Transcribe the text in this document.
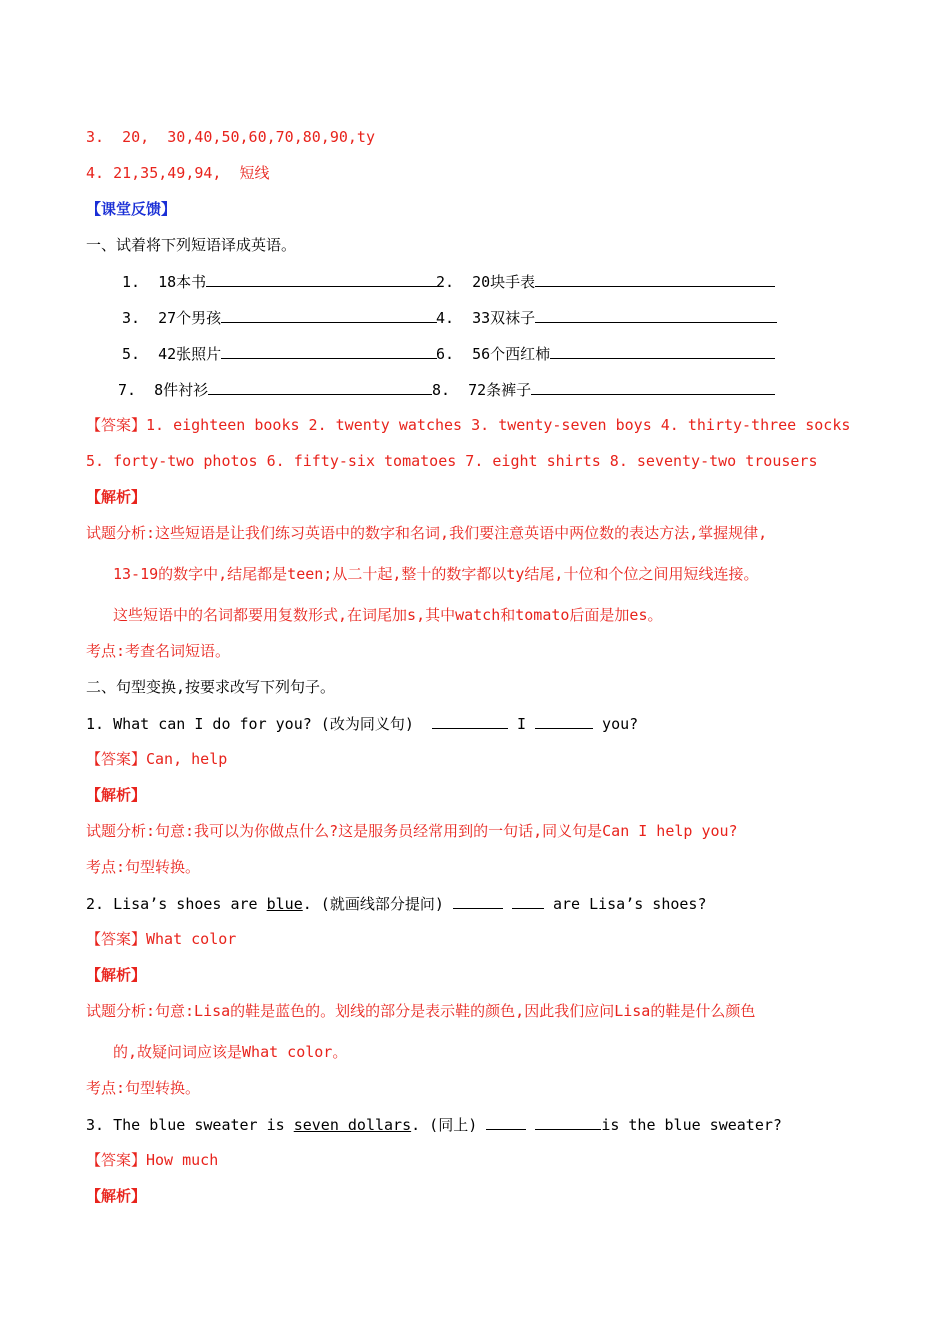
3.  20,  30,40,50,60,70,80,90,ty
4. 21,35,49,94,  短线
【课堂反馈】
一、试着将下列短语译成英语。
1.  18本书	2.  20块手表
3.  27个男孩	4.  33双袜子
5.  42张照片	6.  56个西红柿
7.  8件衬衫	8.  72条裤子
【答案】1. eighteen books 2. twenty watches 3. twenty-seven boys 4. thirty-three socks
5. forty-two photos 6. fifty-six tomatoes 7. eight shirts 8. seventy-two trousers
【解析】
试题分析:这些短语是让我们练习英语中的数字和名词,我们要注意英语中两位数的表达方法,掌握规律,
13-19的数字中,结尾都是teen;从二十起,整十的数字都以ty结尾,十位和个位之间用短线连接。
这些短语中的名词都要用复数形式,在词尾加s,其中watch和tomato后面是加es。
考点:考查名词短语。
二、句型变换,按要求改写下列句子。
1. What can I do for you? (改为同义句)	I	you?
【答案】Can, help
【解析】
试题分析:句意:我可以为你做点什么?这是服务员经常用到的一句话,同义句是Can I help you?
考点:句型转换。
2. Lisa’s shoes are blue. (就画线部分提问)	are Lisa’s shoes?
【答案】What color
【解析】
试题分析:句意:Lisa的鞋是蓝色的。划线的部分是表示鞋的颜色,因此我们应问Lisa的鞋是什么颜色
的,故疑问词应该是What color。
考点:句型转换。
3. The blue sweater is seven dollars. (同上)	is the blue sweater?
【答案】How much
【解析】
